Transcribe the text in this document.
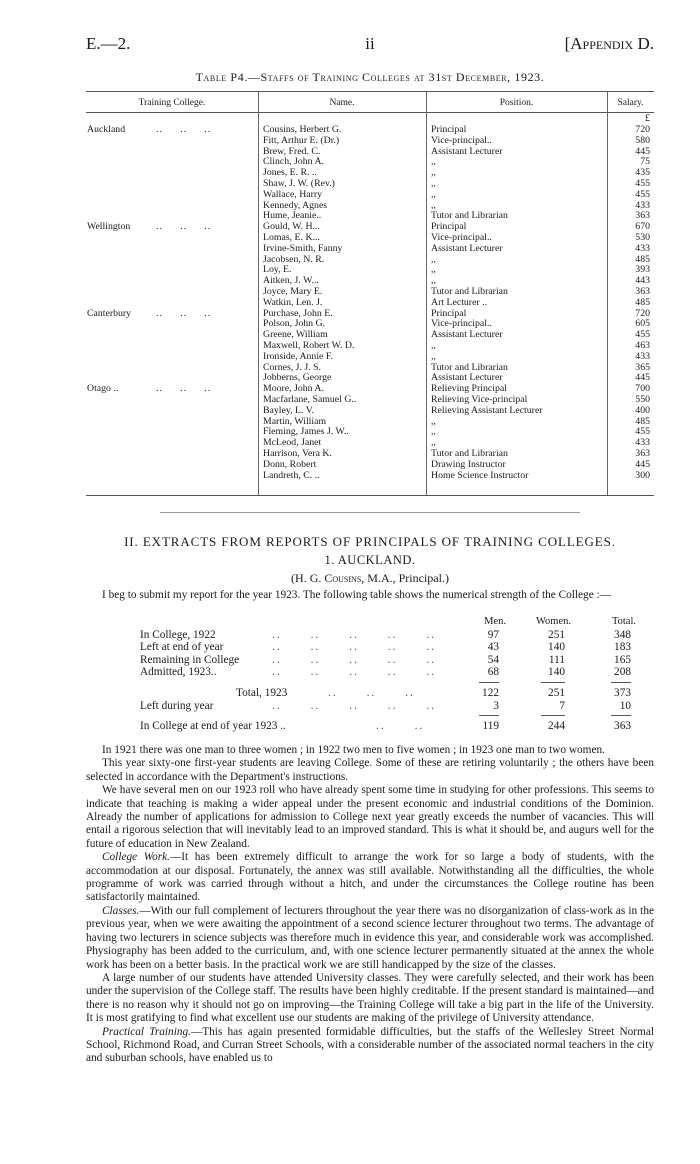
E.—2.	ii	[Appendix D.
Table P4.—Staffs of Training Colleges at 31st December, 1923.
Training College.	Name.	Position.	Salary.
£
Auckland	Cousins, Herbert G.	Principal	720
..     ..     ..
Fitt, Arthur E. (Dr.)	Vice-principal..	580
Brew, Fred. C.	Assistant Lecturer	445
Clinch, John A.	,,	75
Jones, E. R. ..	,,	435
Shaw, J. W. (Rev.)	,,	455
Wallace, Harry	,,	455
Kennedy, Agnes	,,	433
Hume, Jeanie..	Tutor and Librarian	363
Wellington	Gould, W. H...	Principal	670
..     ..     ..
Lomas, E. K...	Vice-principal..	530
Irvine-Smith, Fanny	Assistant Lecturer	433
Jacobsen, N. R.	,,	485
Loy, E.	,,	393
Aitken, J. W...	,,	443
Joyce, Mary E.	Tutor and Librarian	363
Watkin, Len. J.	Art Lecturer ..	485
Canterbury	Purchase, John E.	Principal	720
..     ..     ..
Polson, John G.	Vice-principal..	605
Greene, William	Assistant Lecturer	455
Maxwell, Robert W. D.	,,	463
Ironside, Annie F.	,,	433
Cornes, J. J. S.	Tutor and Librarian	365
Jobberns, George	Assistant Lecturer	445
Otago ..	Moore, John A.	Relieving Principal	700
..     ..     ..
Macfarlane, Samuel G..	Relieving Vice-principal	550
Bayley, L. V.	Relieving Assistant Lecturer	400
Martin, William	,,	485
Fleming, James J. W..	,,	455
McLeod, Janet	,,	433
Harrison, Vera K.	Tutor and Librarian	363
Donn, Robert	Drawing Instructor	445
Landreth, C. ..	Home Science Instructor	300
II. EXTRACTS FROM REPORTS OF PRINCIPALS OF TRAINING COLLEGES.
1. AUCKLAND.
(H. G. Cousins, M.A., Principal.)
I beg to submit my report for the year 1923. The following table shows the numerical strength of the College :—
Men.	Women.	Total.
In College, 1922	..      ..      ..      ..      ..	97	251	348
Left at end of year	..      ..      ..      ..      ..	43	140	183
Remaining in College	..      ..      ..      ..      ..	54	111	165
Admitted, 1923..	..      ..      ..      ..      ..	68	140	208
Total, 1923	..      ..      ..	122	251	373
Left during year	..      ..      ..      ..      ..	3	7	10
In College at end of year 1923 ..	..      ..	119	244	363

In 1921 there was one man to three women ; in 1922 two men to five women ; in 1923 one man to two women.

This year sixty-one first-year students are leaving College. Some of these are retiring voluntarily ; the others have been selected in accordance with the Department's instructions.

We have several men on our 1923 roll who have already spent some time in studying for other professions. This seems to indicate that teaching is making a wider appeal under the present economic and industrial conditions of the Dominion. Already the number of applications for admission to College next year greatly exceeds the number of vacancies. This will entail a rigorous selection that will inevitably lead to an improved standard. This is what it should be, and augurs well for the future of education in New Zealand.

College Work.—It has been extremely difficult to arrange the work for so large a body of students, with the accommodation at our disposal. Fortunately, the annex was still available. Notwithstanding all the difficulties, the whole programme of work was carried through without a hitch, and under the circumstances the College routine has been satisfactorily maintained.

Classes.—With our full complement of lecturers throughout the year there was no disorganization of class-work as in the previous year, when we were awaiting the appointment of a second science lecturer throughout two terms. The advantage of having two lecturers in science subjects was therefore much in evidence this year, and considerable work was accomplished. Physiography has been added to the curriculum, and, with one science lecturer permanently situated at the annex the whole work has been on a better basis. In the practical work we are still handicapped by the size of the classes.

A large number of our students have attended University classes. They were carefully selected, and their work has been under the supervision of the College staff. The results have been highly creditable. If the present standard is maintained—and there is no reason why it should not go on improving—the Training College will take a big part in the life of the University. It is most gratifying to find what excellent use our students are making of the privilege of University attendance.

Practical Training.—This has again presented formidable difficulties, but the staffs of the Wellesley Street Normal School, Richmond Road, and Curran Street Schools, with a considerable number of the associated normal teachers in the city and suburban schools, have enabled us to
